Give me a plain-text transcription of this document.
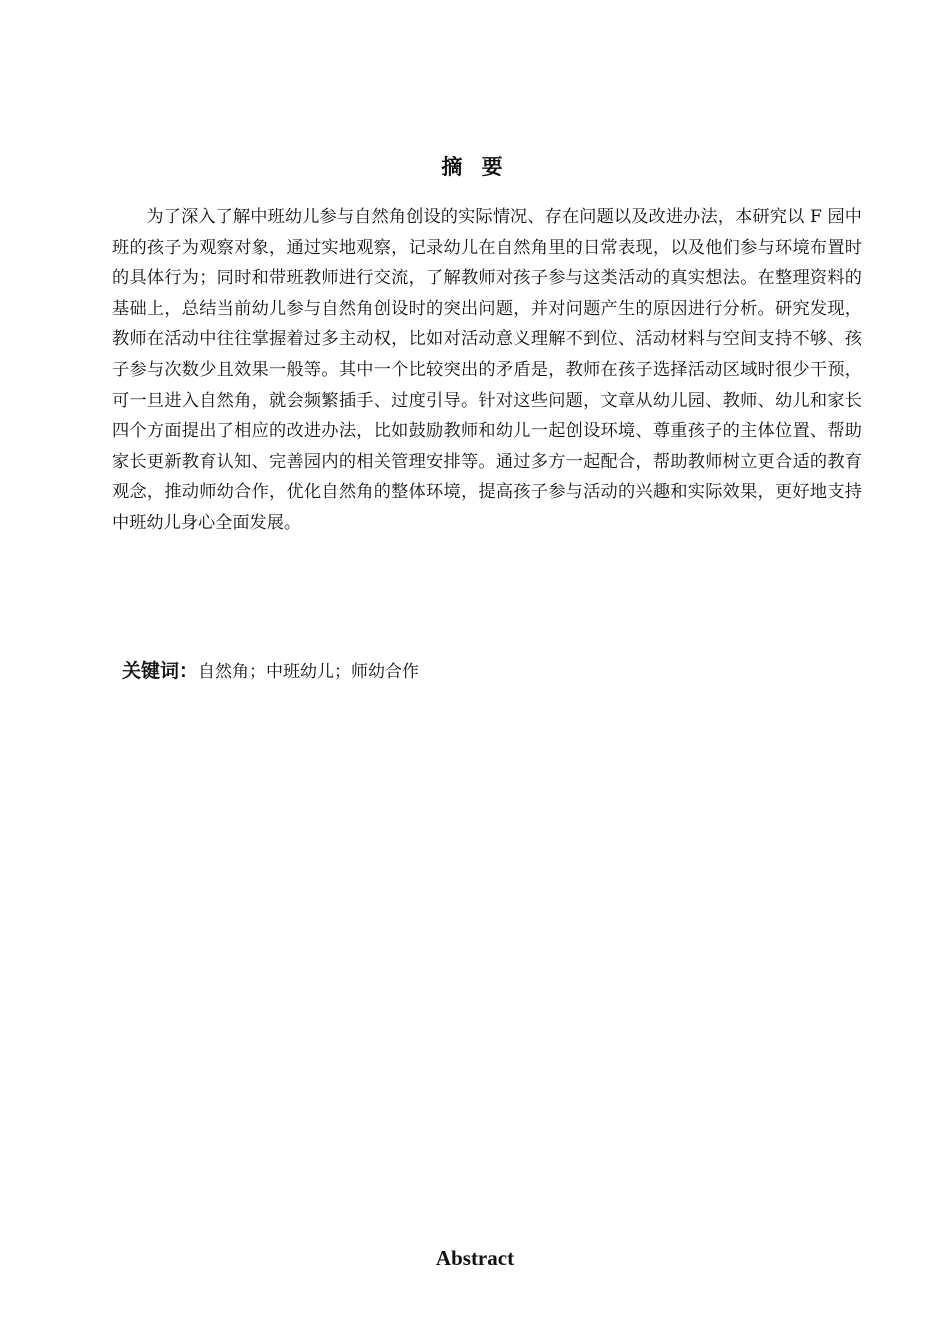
摘 要

为了深入了解中班幼儿参与自然角创设的实际情况、存在问题以及改进办法，本研究以 F 园中班的孩子为观察对象，通过实地观察，记录幼儿在自然角里的日常表现，以及他们参与环境布置时的具体行为；同时和带班教师进行交流，了解教师对孩子参与这类活动的真实想法。在整理资料的基础上，总结当前幼儿参与自然角创设时的突出问题，并对问题产生的原因进行分析。研究发现，教师在活动中往往掌握着过多主动权，比如对活动意义理解不到位、活动材料与空间支持不够、孩子参与次数少且效果一般等。其中一个比较突出的矛盾是，教师在孩子选择活动区域时很少干预，可一旦进入自然角，就会频繁插手、过度引导。针对这些问题，文章从幼儿园、教师、幼儿和家长四个方面提出了相应的改进办法，比如鼓励教师和幼儿一起创设环境、尊重孩子的主体位置、帮助家长更新教育认知、完善园内的相关管理安排等。通过多方一起配合，帮助教师树立更合适的教育观念，推动师幼合作，优化自然角的整体环境，提高孩子参与活动的兴趣和实际效果，更好地支持中班幼儿身心全面发展。

关键词：自然角；中班幼儿；师幼合作

Abstract
